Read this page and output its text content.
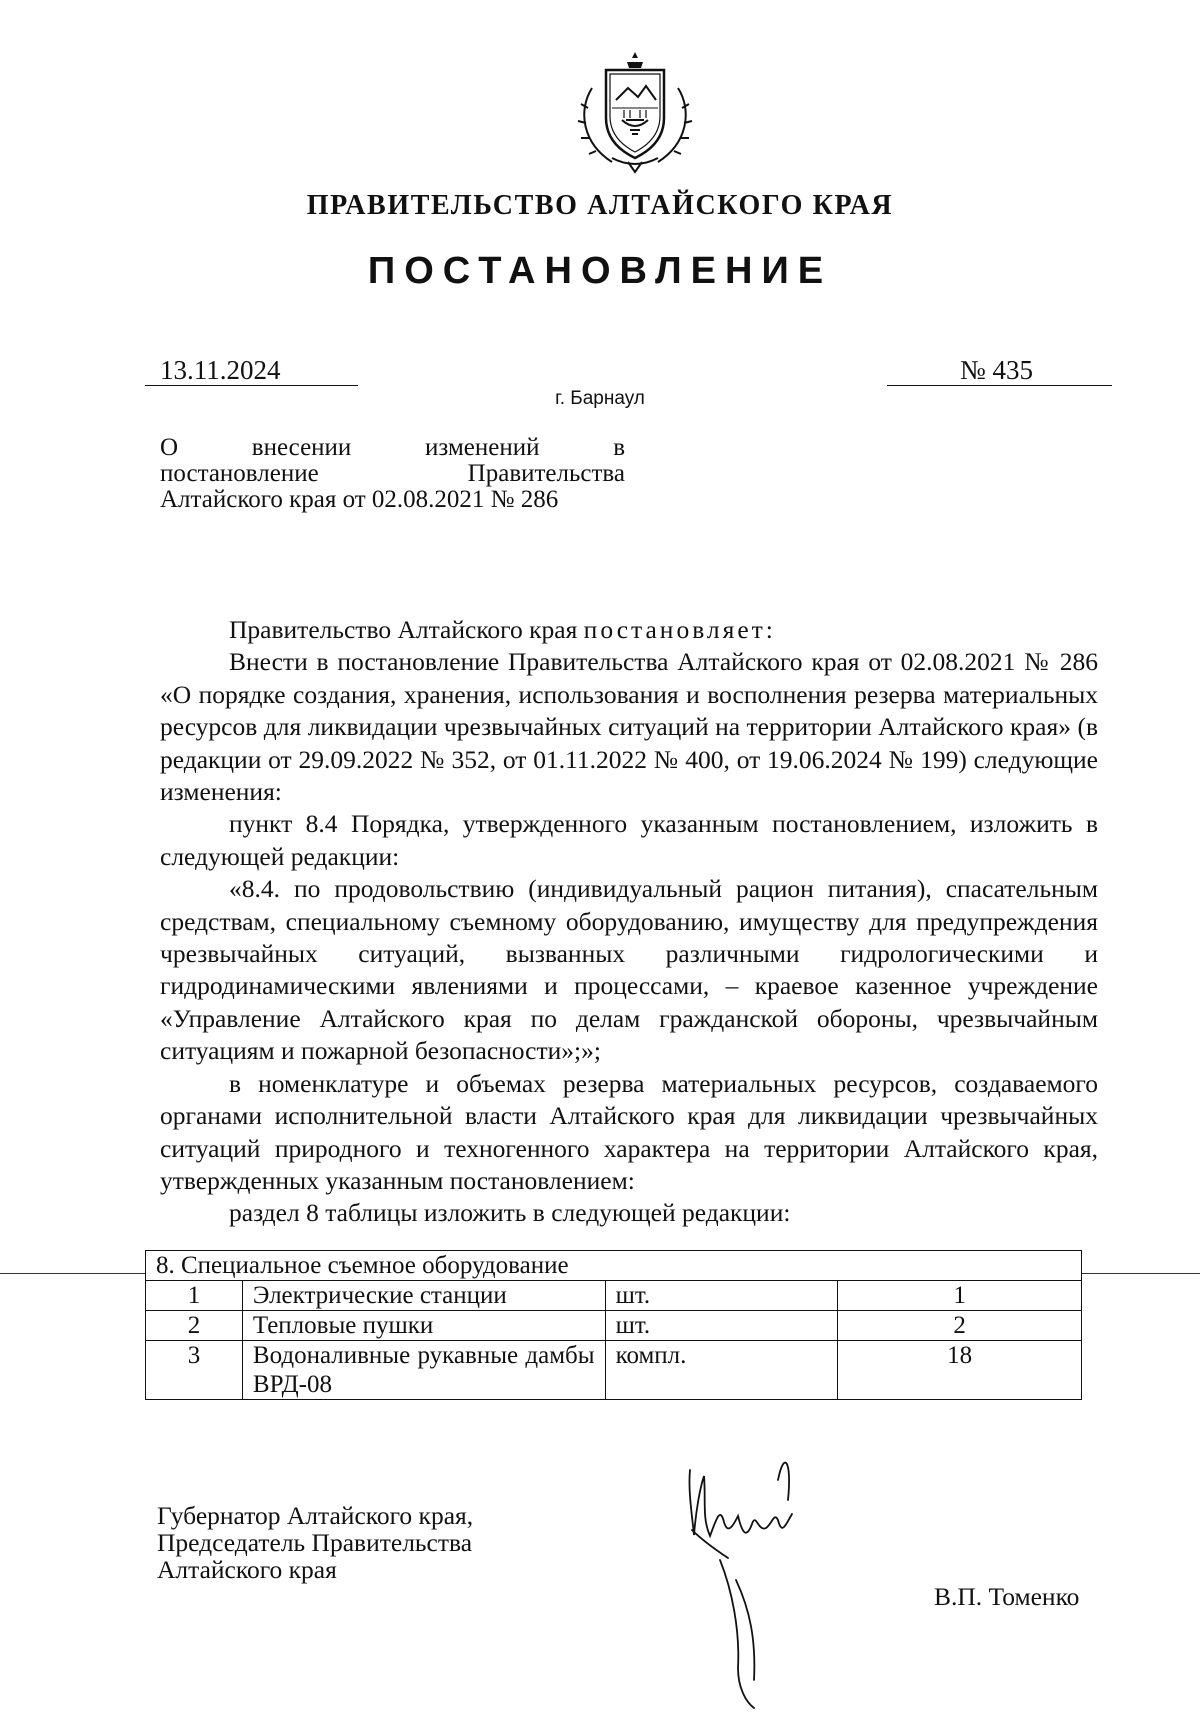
ПРАВИТЕЛЬСТВО АЛТАЙСКОГО КРАЯ
ПОСТАНОВЛЕНИЕ
13.11.2024	№ 435
г. Барнаул
О внесении изменений в
постановление Правительства
Алтайского края от 02.08.2021 № 286

Правительство Алтайского края постановляет:

Внести в постановление Правительства Алтайского края от 02.08.2021 № 286 «О порядке создания, хранения, использования и восполнения резерва материальных ресурсов для ликвидации чрезвычайных ситуаций на территории Алтайского края» (в редакции от 29.09.2022 № 352, от 01.11.2022 № 400, от 19.06.2024 № 199) следующие изменения:

пункт 8.4 Порядка, утвержденного указанным постановлением, изложить в следующей редакции:

«8.4. по продовольствию (индивидуальный рацион питания), спасательным средствам, специальному съемному оборудованию, имуществу для предупреждения чрезвычайных ситуаций, вызванных различными гидрологическими и гидродинамическими явлениями и процессами, – краевое казенное учреждение «Управление Алтайского края по делам гражданской обороны, чрезвычайным ситуациям и пожарной безопасности»;»;

в номенклатуре и объемах резерва материальных ресурсов, создаваемого органами исполнительной власти Алтайского края для ликвидации чрезвычайных ситуаций природного и техногенного характера на территории Алтайского края, утвержденных указанным постановлением:

раздел 8 таблицы изложить в следующей редакции:

8. Специальное съемное оборудование			
1	Электрические станции	шт.	1
2	Тепловые пушки	шт.	2
3	Водоналивные рукавные дамбы ВРД-08	компл.	18
Губернатор Алтайского края,
Председатель Правительства
Алтайского края
В.П. Томенко
